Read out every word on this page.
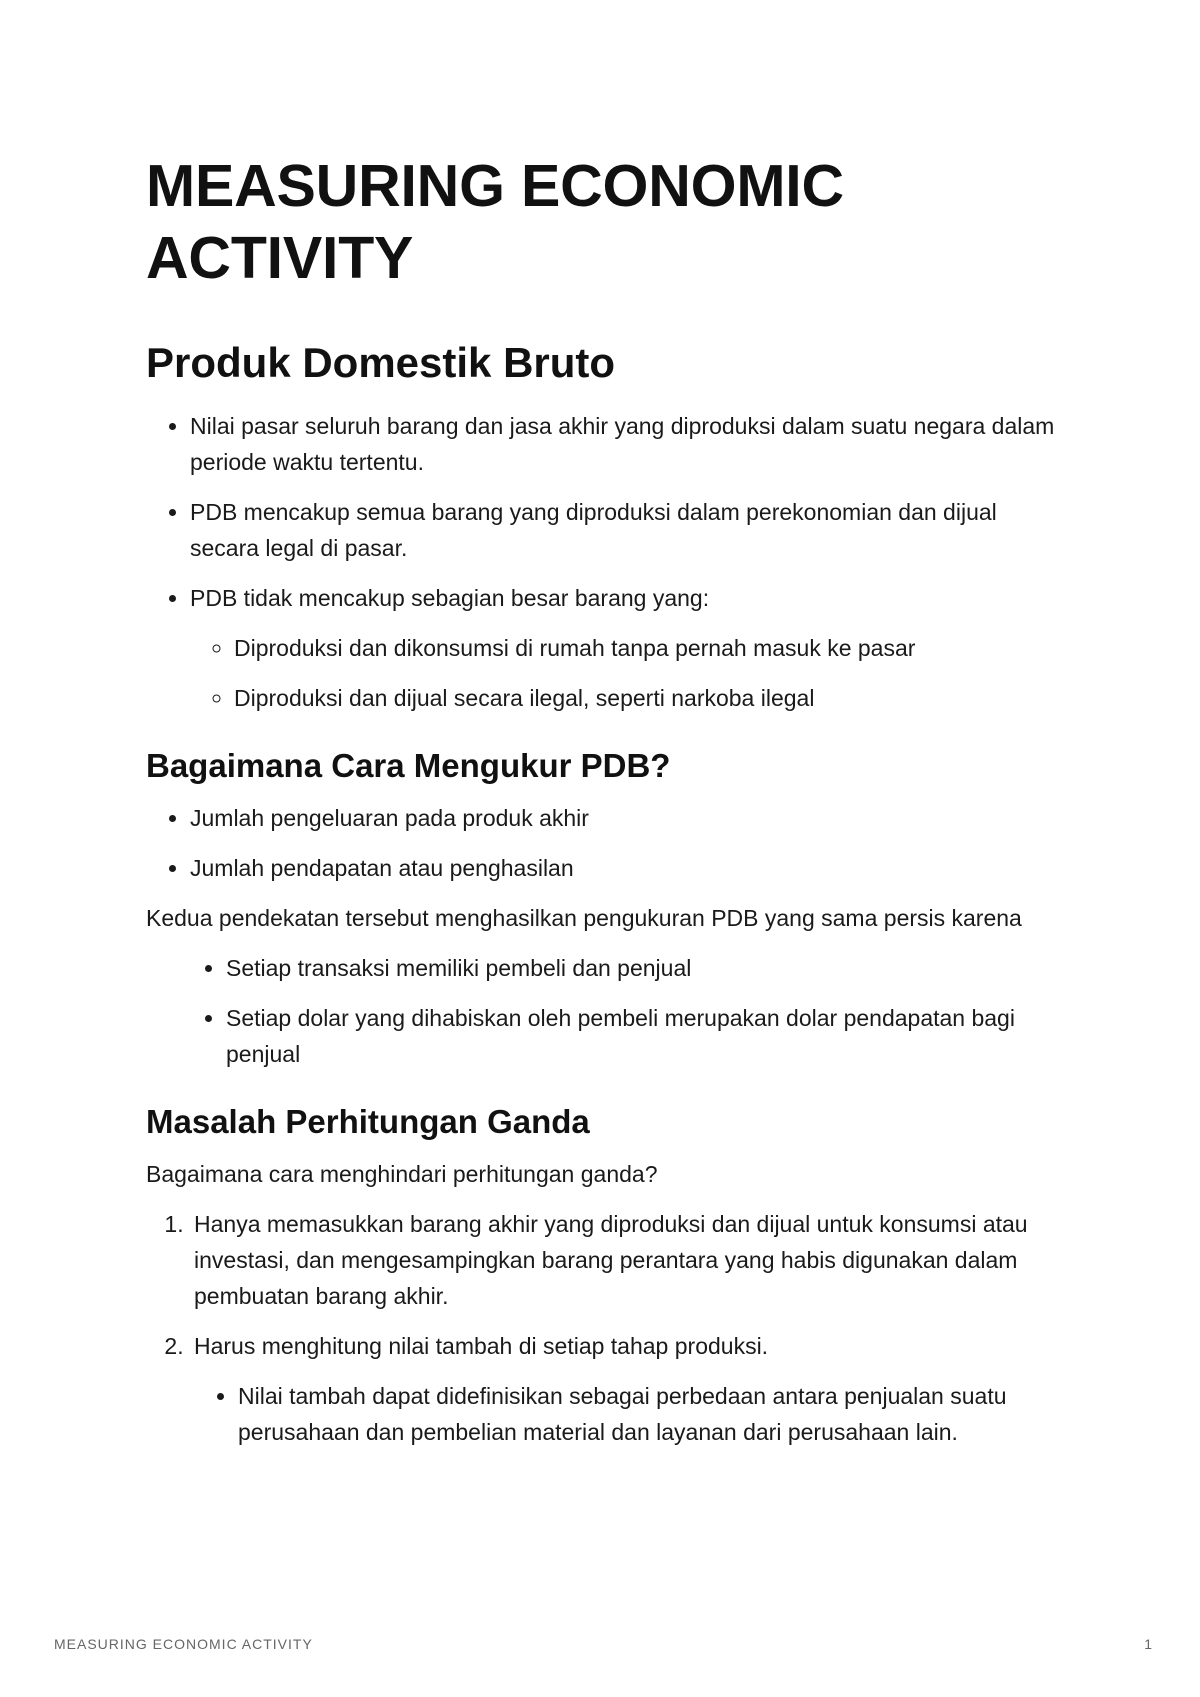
MEASURING ECONOMIC ACTIVITY
Produk Domestik Bruto
• Nilai pasar seluruh barang dan jasa akhir yang diproduksi dalam suatu negara dalam periode waktu tertentu.
• PDB mencakup semua barang yang diproduksi dalam perekonomian dan dijual secara legal di pasar.
• PDB tidak mencakup sebagian besar barang yang:
◦ Diproduksi dan dikonsumsi di rumah tanpa pernah masuk ke pasar
◦ Diproduksi dan dijual secara ilegal, seperti narkoba ilegal
Bagaimana Cara Mengukur PDB?
• Jumlah pengeluaran pada produk akhir
• Jumlah pendapatan atau penghasilan

Kedua pendekatan tersebut menghasilkan pengukuran PDB yang sama persis karena

• Setiap transaksi memiliki pembeli dan penjual
• Setiap dolar yang dihabiskan oleh pembeli merupakan dolar pendapatan bagi penjual
Masalah Perhitungan Ganda

Bagaimana cara menghindari perhitungan ganda?

1. Hanya memasukkan barang akhir yang diproduksi dan dijual untuk konsumsi atau investasi, dan mengesampingkan barang perantara yang habis digunakan dalam pembuatan barang akhir.
2. Harus menghitung nilai tambah di setiap tahap produksi.
• Nilai tambah dapat didefinisikan sebagai perbedaan antara penjualan suatu perusahaan dan pembelian material dan layanan dari perusahaan lain.
MEASURING ECONOMIC ACTIVITY	1
